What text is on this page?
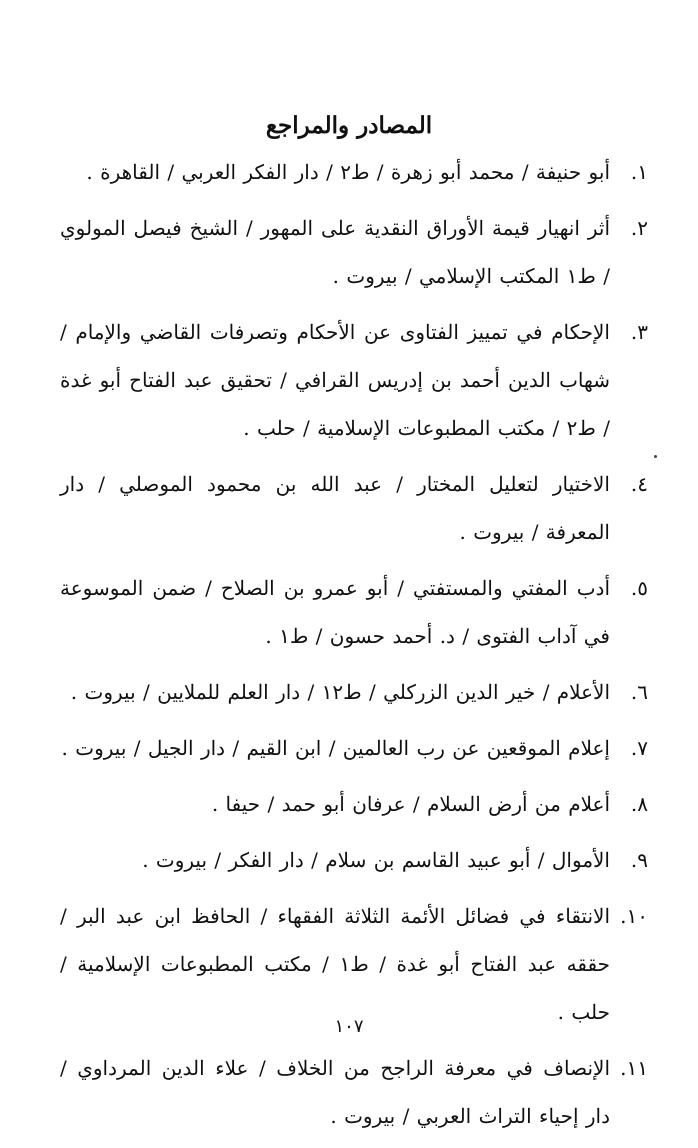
المصادر والمراجع
١.
أبو حنيفة / محمد أبو زهرة / ط٢ / دار الفكر العربي / القاهرة .
٢.
أثر انهيار قيمة الأوراق النقدية على المهور / الشيخ فيصل المولوي / ط١ المكتب الإسلامي / بيروت .
٣.
الإحكام في تمييز الفتاوى عن الأحكام وتصرفات القاضي والإمام / شهاب الدين أحمد بن إدريس القرافي / تحقيق عبد الفتاح أبو غدة / ط٢ / مكتب المطبوعات الإسلامية / حلب .
٤.
الاختيار لتعليل المختار / عبد الله بن محمود الموصلي / دار المعرفة / بيروت .
٥.
أدب المفتي والمستفتي / أبو عمرو بن الصلاح / ضمن الموسوعة في آداب الفتوى / د. أحمد حسون / ط١ .
٦.
الأعلام / خير الدين الزركلي / ط١٢ / دار العلم للملايين / بيروت .
٧.
إعلام الموقعين عن رب العالمين / ابن القيم / دار الجيل / بيروت .
٨.
أعلام من أرض السلام / عرفان أبو حمد / حيفا .
٩.
الأموال / أبو عبيد القاسم بن سلام / دار الفكر / بيروت .
١٠.
الانتقاء في فضائل الأئمة الثلاثة الفقهاء / الحافظ ابن عبد البر / حققه عبد الفتاح أبو غدة / ط١ / مكتب المطبوعات الإسلامية / حلب .
١١.
الإنصاف في معرفة الراجح من الخلاف / علاء الدين المرداوي / دار إحياء التراث العربي / بيروت .
١٠٧
